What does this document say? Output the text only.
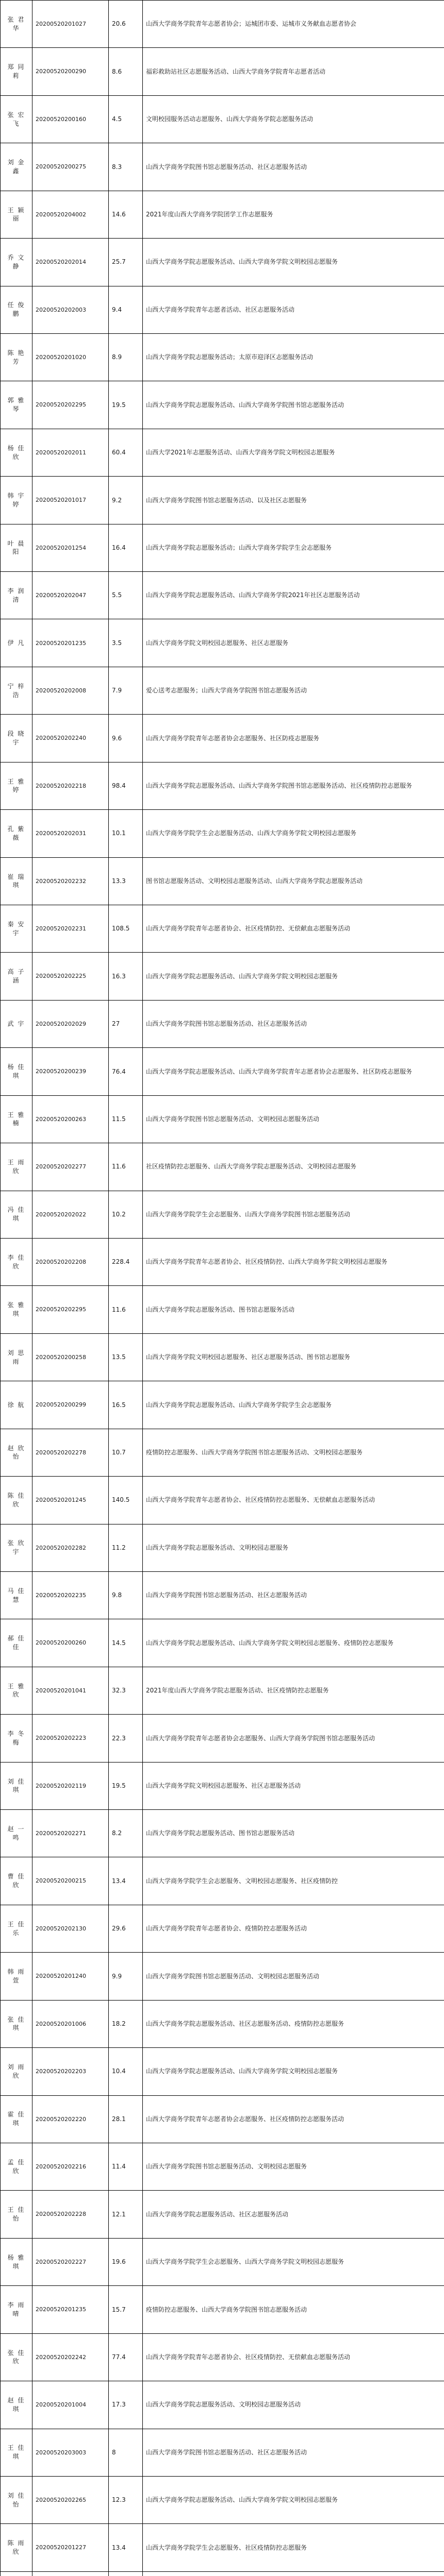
张 君 华	20200520201027	20.6	山西大学商务学院青年志愿者协会；运城团市委、运城市义务献血志愿者协会
郑 同 莉	20200520200290	8.6	福彩救助站社区志愿服务活动、山西大学商务学院青年志愿者活动
张 宏 飞	20200520200160	4.5	文明校园服务活动志愿服务、山西大学商务学院志愿服务活动
刘 金 鑫	20200520200275	8.3	山西大学商务学院图书馆志愿服务活动、社区志愿服务活动
王 颖 丽	20200520204002	14.6	2021年度山西大学商务学院团学工作志愿服务
乔 文 静	20200520202014	25.7	山西大学商务学院志愿服务活动、山西大学商务学院文明校园志愿服务
任 俊 鹏	20200520202003	9.4	山西大学商务学院青年志愿者活动、社区志愿服务活动
陈 艳 芳	20200520201020	8.9	山西大学商务学院志愿服务活动；太原市迎泽区志愿服务活动
郭 雅 琴	20200520202295	19.5	山西大学商务学院志愿服务活动、山西大学商务学院图书馆志愿服务活动
杨 佳 欣	20200520202011	60.4	山西大学2021年志愿服务活动、山西大学商务学院文明校园志愿服务
韩 宇 婷	20200520201017	9.2	山西大学商务学院图书馆志愿服务活动、以及社区志愿服务
叶 晨 阳	20200520201254	16.4	山西大学商务学院志愿服务活动；山西大学商务学院学生会志愿服务
李 润 清	20200520202047	5.5	山西大学商务学院志愿服务活动、山西大学商务学院2021年社区志愿服务活动
伊 凡	20200520201235	3.5	山西大学商务学院文明校园志愿服务、社区志愿服务
宁 梓 浩	20200520202008	7.9	爱心送考志愿服务；山西大学商务学院图书馆志愿服务活动
段 晓 宇	20200520202240	9.6	山西大学商务学院青年志愿者协会志愿服务、社区防疫志愿服务
王 雅 婷	20200520202218	98.4	山西大学商务学院志愿服务活动、山西大学商务学院图书馆志愿服务活动、社区疫情防控志愿服务
孔 紫 薇	20200520202031	10.1	山西大学商务学院学生会志愿服务活动、山西大学商务学院文明校园志愿服务
崔 瑞 琪	20200520202232	13.3	图书馆志愿服务活动、文明校园志愿服务活动、山西大学商务学院志愿服务活动
秦 安 宇	20200520202231	108.5	山西大学商务学院青年志愿者协会、社区疫情防控、无偿献血志愿服务活动
高 子 涵	20200520202225	16.3	山西大学商务学院志愿服务活动、山西大学商务学院文明校园志愿服务
武 宇	20200520202029	27	山西大学商务学院图书馆志愿服务活动、社区志愿服务活动
杨 佳 琪	20200520200239	76.4	山西大学商务学院志愿服务活动、山西大学商务学院青年志愿者协会志愿服务、社区防疫志愿服务
王 雅 楠	20200520200263	11.5	山西大学商务学院图书馆志愿服务活动、文明校园志愿服务活动
王 雨 欣	20200520202277	11.6	社区疫情防控志愿服务、山西大学商务学院志愿服务活动、文明校园志愿服务
冯 佳 琪	20200520202022	10.2	山西大学商务学院学生会志愿服务、山西大学商务学院图书馆志愿服务活动
李 佳 欣	20200520202208	228.4	山西大学商务学院青年志愿者协会、社区疫情防控、山西大学商务学院文明校园志愿服务
张 雅 琪	20200520202295	11.6	山西大学商务学院志愿服务活动、图书馆志愿服务活动
刘 思 雨	20200520200258	13.5	山西大学商务学院文明校园志愿服务、社区志愿服务活动、图书馆志愿服务
徐 航	20200520200299	16.5	山西大学商务学院志愿服务活动、山西大学商务学院学生会志愿服务
赵 欣 怡	20200520202278	10.7	疫情防控志愿服务、山西大学商务学院图书馆志愿服务活动、文明校园志愿服务
陈 佳 欣	20200520201245	140.5	山西大学商务学院青年志愿者协会、社区疫情防控志愿服务、无偿献血志愿服务活动
张 欣 宇	20200520202282	11.2	山西大学商务学院志愿服务活动、文明校园志愿服务
马 佳 慧	20200520202235	9.8	山西大学商务学院图书馆志愿服务活动、社区志愿服务活动
郝 佳 佳	20200520200260	14.5	山西大学商务学院志愿服务活动、山西大学商务学院文明校园志愿服务、疫情防控志愿服务
王 雅 欣	20200520201041	32.3	2021年度山西大学商务学院志愿服务活动、社区疫情防控志愿服务
李 冬 梅	20200520202223	22.3	山西大学商务学院青年志愿者协会志愿服务、山西大学商务学院图书馆志愿服务活动
刘 佳 琪	20200520202119	19.5	山西大学商务学院文明校园志愿服务、社区志愿服务活动
赵 一 鸣	20200520202271	8.2	山西大学商务学院志愿服务活动、图书馆志愿服务活动
曹 佳 欣	20200520200215	13.4	山西大学商务学院学生会志愿服务、文明校园志愿服务、社区疫情防控
王 佳 乐	20200520202130	29.6	山西大学商务学院青年志愿者协会、疫情防控志愿服务活动
韩 雨 萱	20200520201240	9.9	山西大学商务学院图书馆志愿服务活动、文明校园志愿服务活动
张 佳 琪	20200520201006	18.2	山西大学商务学院志愿服务活动、社区志愿服务活动、疫情防控志愿服务
刘 雨 欣	20200520202203	10.4	山西大学商务学院志愿服务活动、山西大学商务学院文明校园志愿服务
霍 佳 琪	20200520202220	28.1	山西大学商务学院青年志愿者协会志愿服务、社区疫情防控志愿服务活动
孟 佳 欣	20200520202216	11.4	山西大学商务学院图书馆志愿服务活动、文明校园志愿服务
王 佳 怡	20200520202228	12.1	山西大学商务学院志愿服务活动、社区志愿服务活动
杨 雅 琪	20200520202227	19.6	山西大学商务学院学生会志愿服务、山西大学商务学院文明校园志愿服务
李 雨 晴	20200520201235	15.7	疫情防控志愿服务、山西大学商务学院图书馆志愿服务活动
张 佳 欣	20200520202242	77.4	山西大学商务学院青年志愿者协会、社区疫情防控、无偿献血志愿服务活动
赵 佳 琪	20200520201004	17.3	山西大学商务学院志愿服务活动、文明校园志愿服务活动
王 佳 琪	20200520203003	8	山西大学商务学院图书馆志愿服务活动、社区志愿服务活动
刘 佳 怡	20200520202265	12.3	山西大学商务学院志愿服务活动、山西大学商务学院文明校园志愿服务
陈 雨 欣	20200520201227	13.4	山西大学商务学院学生会志愿服务、社区疫情防控志愿服务
